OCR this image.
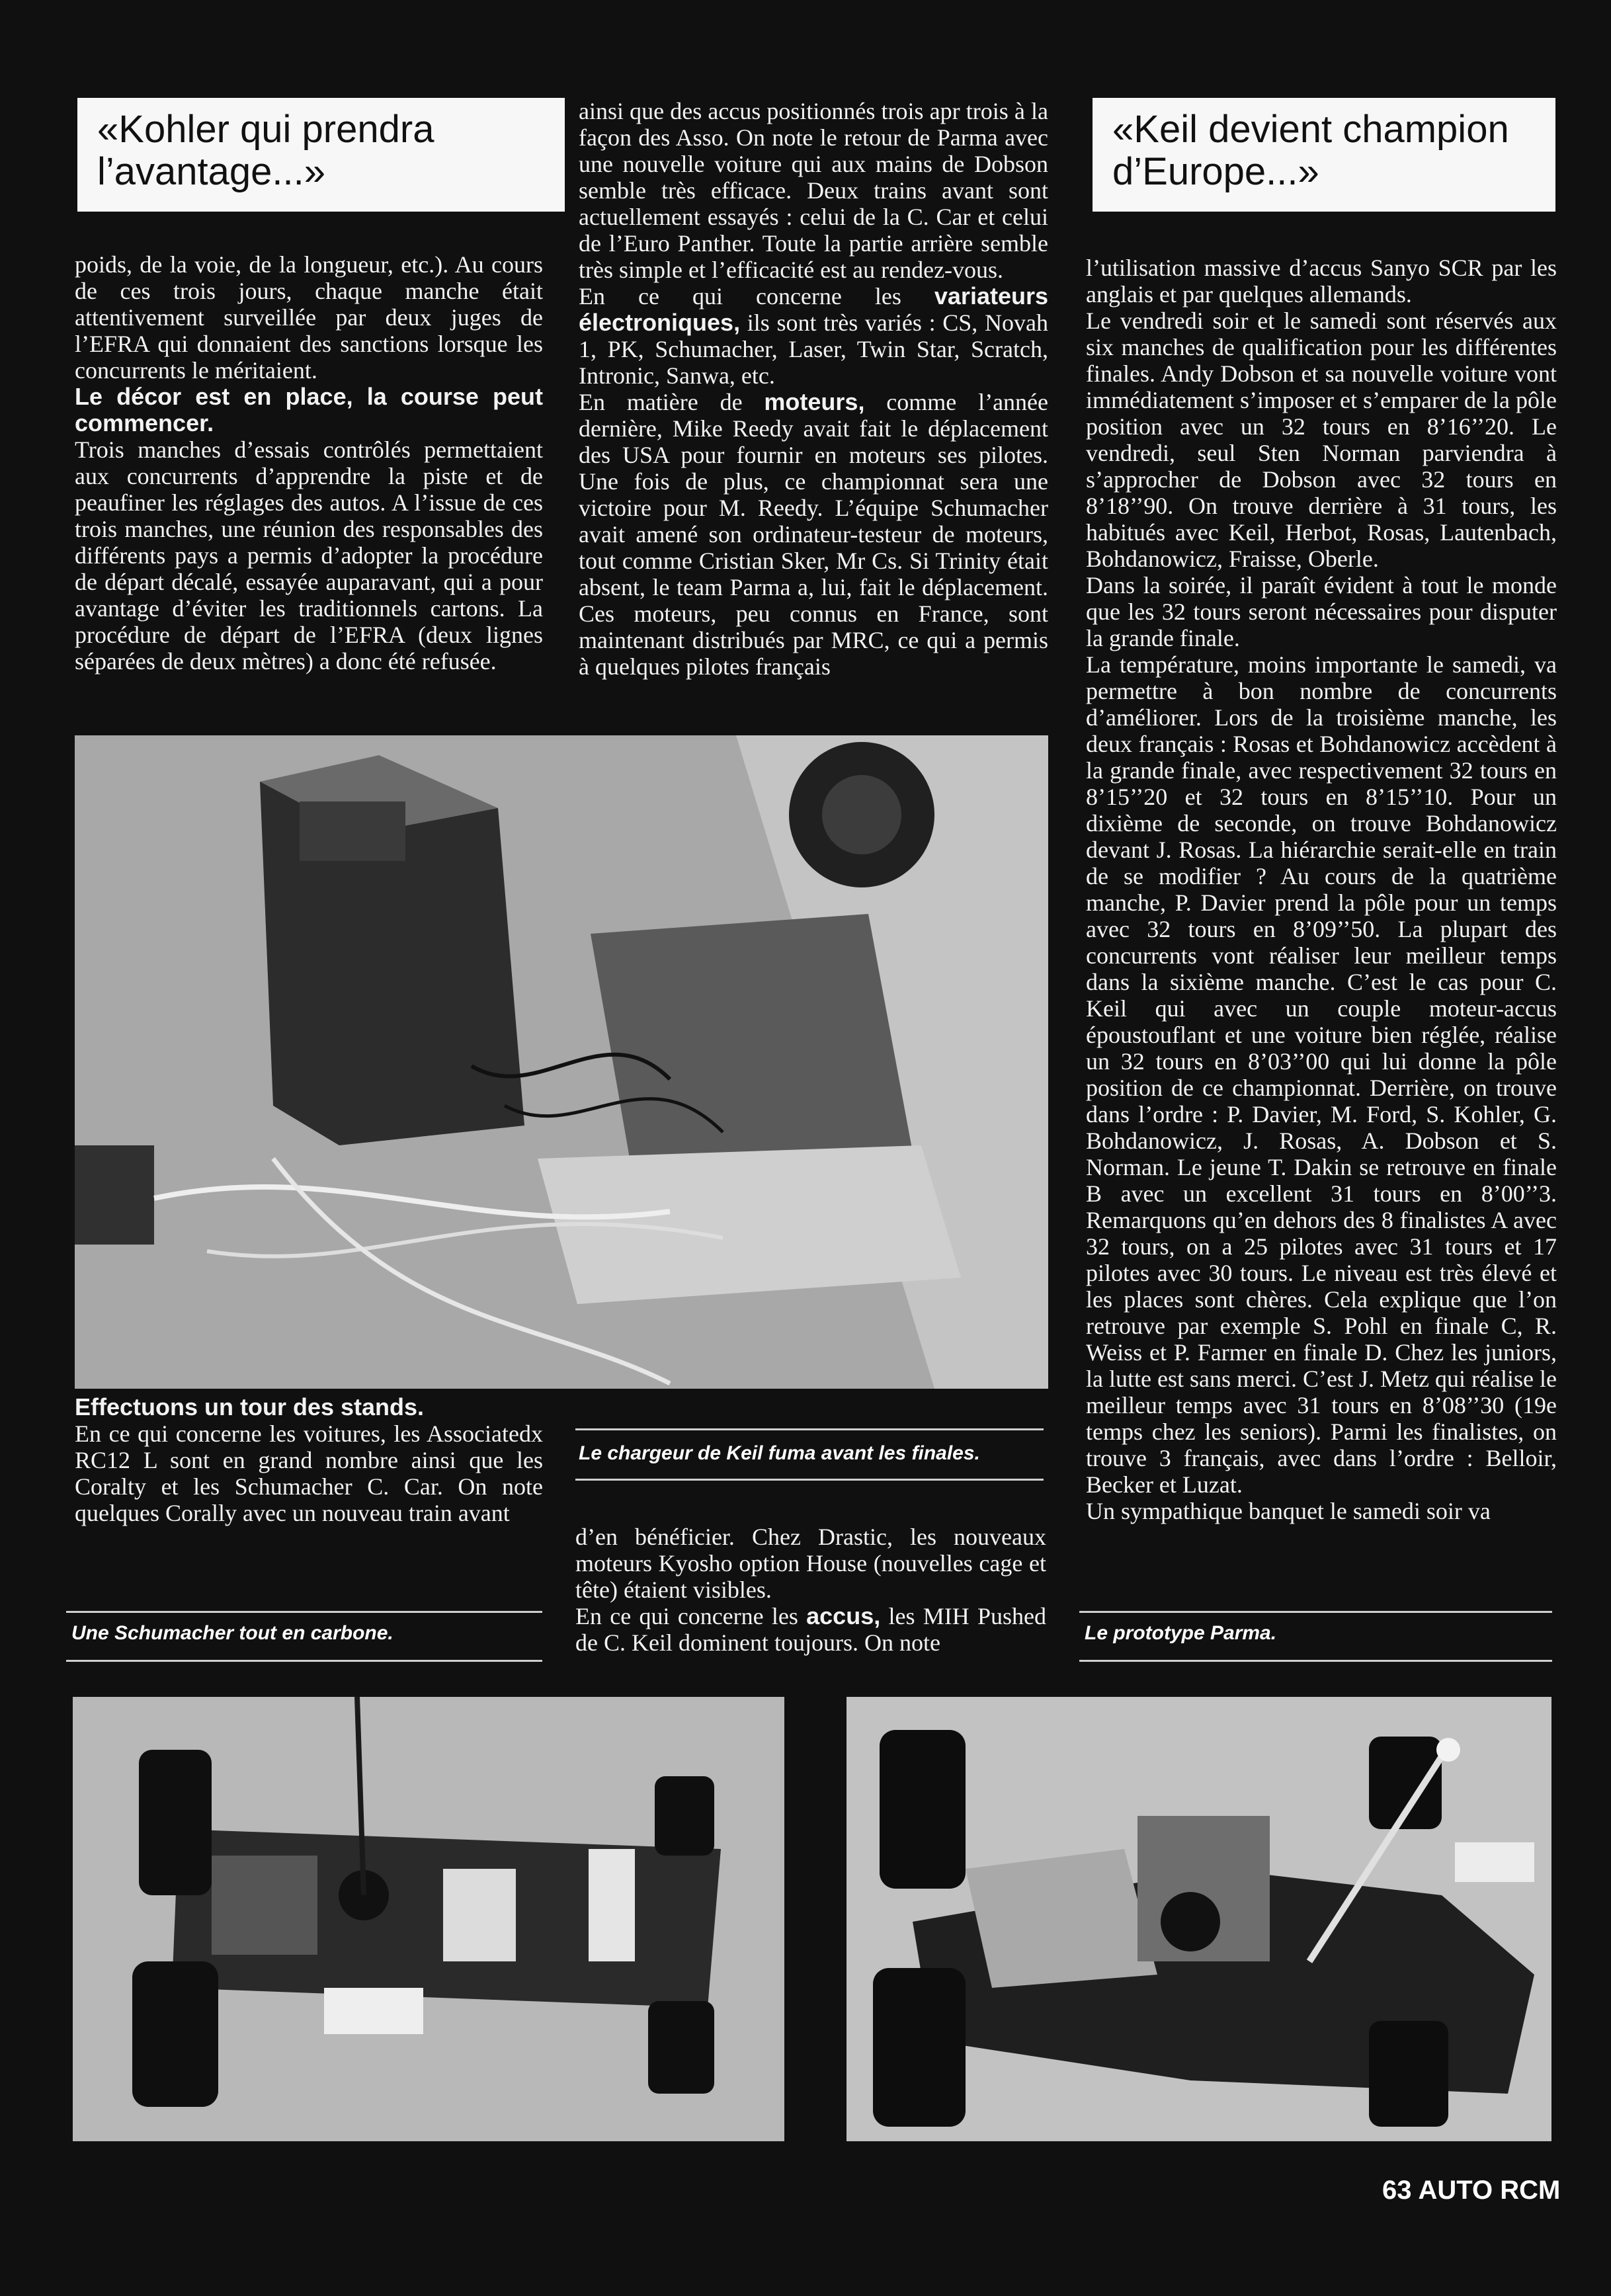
«Kohler qui prendra
l’avantage...»
«Keil devient champion
d’Europe...»

poids, de la voie, de la longueur, etc.). Au cours de ces trois jours, chaque manche était attentivement surveillée par deux juges de l’EFRA qui donnaient des sanctions lorsque les concurrents le méritaient.

Le décor est en place, la course peut commencer.

Trois manches d’essais contrôlés permettaient aux concurrents d’apprendre la piste et de peaufiner les réglages des autos. A l’issue de ces trois manches, une réunion des responsables des différents pays a permis d’adopter la procédure de départ décalé, essayée auparavant, qui a pour avantage d’éviter les traditionnels cartons. La procédure de départ de l’EFRA (deux lignes séparées de deux mètres) a donc été refusée.

ainsi que des accus positionnés trois apr trois à la façon des Asso. On note le retour de Parma avec une nouvelle voiture qui aux mains de Dobson semble très efficace. Deux trains avant sont actuellement essayés : celui de la C. Car et celui de l’Euro Panther. Toute la partie arrière semble très simple et l’efficacité est au rendez-vous.

En ce qui concerne les variateurs électroniques, ils sont très variés : CS, Novah 1, PK, Schumacher, Laser, Twin Star, Scratch, Intronic, Sanwa, etc.

En matière de moteurs, comme l’année dernière, Mike Reedy avait fait le déplacement des USA pour fournir en moteurs ses pilotes. Une fois de plus, ce championnat sera une victoire pour M. Reedy. L’équipe Schumacher avait amené son ordinateur-testeur de moteurs, tout comme Cristian Sker, Mr Cs. Si Trinity était absent, le team Parma a, lui, fait le déplacement. Ces moteurs, peu connus en France, sont maintenant distribués par MRC, ce qui a permis à quelques pilotes français

l’utilisation massive d’accus Sanyo SCR par les anglais et par quelques allemands.

Le vendredi soir et le samedi sont réservés aux six manches de qualification pour les différentes finales. Andy Dobson et sa nouvelle voiture vont immédiatement s’imposer et s’emparer de la pôle position avec un 32 tours en 8’16’’20. Le vendredi, seul Sten Norman parviendra à s’approcher de Dobson avec 32 tours en 8’18’’90. On trouve derrière à 31 tours, les habitués avec Keil, Herbot, Rosas, Lautenbach, Bohdanowicz, Fraisse, Oberle.

Dans la soirée, il paraît évident à tout le monde que les 32 tours seront nécessaires pour disputer la grande finale.

La température, moins importante le samedi, va permettre à bon nombre de concurrents d’améliorer. Lors de la troisième manche, les deux français : Rosas et Bohdanowicz accèdent à la grande finale, avec respectivement 32 tours en 8’15’’20 et 32 tours en 8’15’’10. Pour un dixième de seconde, on trouve Bohdanowicz devant J. Rosas. La hiérarchie serait-elle en train de se modifier ? Au cours de la quatrième manche, P. Davier prend la pôle pour un temps avec 32 tours en 8’09’’50. La plupart des concurrents vont réaliser leur meilleur temps dans la sixième manche. C’est le cas pour C. Keil qui avec un couple moteur-accus époustouflant et une voiture bien réglée, réalise un 32 tours en 8’03’’00 qui lui donne la pôle position de ce championnat. Derrière, on trouve dans l’ordre : P. Davier, M. Ford, S. Kohler, G. Bohdanowicz, J. Rosas, A. Dobson et S. Norman. Le jeune T. Dakin se retrouve en finale B avec un excellent 31 tours en 8’00’’3. Remarquons qu’en dehors des 8 finalistes A avec 32 tours, on a 25 pilotes avec 31 tours et 17 pilotes avec 30 tours. Le niveau est très élevé et les places sont chères. Cela explique que l’on retrouve par exemple S. Pohl en finale C, R. Weiss et P. Farmer en finale D. Chez les juniors, la lutte est sans merci. C’est J. Metz qui réalise le meilleur temps avec 31 tours en 8’08’’30 (19e temps chez les seniors). Parmi les finalistes, on trouve 3 français, avec dans l’ordre : Belloir, Becker et Luzat.

Un sympathique banquet le samedi soir va

Effectuons un tour des stands.

En ce qui concerne les voitures, les Associatedx RC12 L sont en grand nombre ainsi que les Coralty et les Schumacher C. Car. On note quelques Corally avec un nouveau train avant

Le chargeur de Keil fuma avant les finales.

d’en bénéficier. Chez Drastic, les nouveaux moteurs Kyosho option House (nouvelles cage et tête) étaient visibles.

En ce qui concerne les accus, les MIH Pushed de C. Keil dominent toujours. On note

Une Schumacher tout en carbone.	Le prototype Parma.
63 AUTO RCM
